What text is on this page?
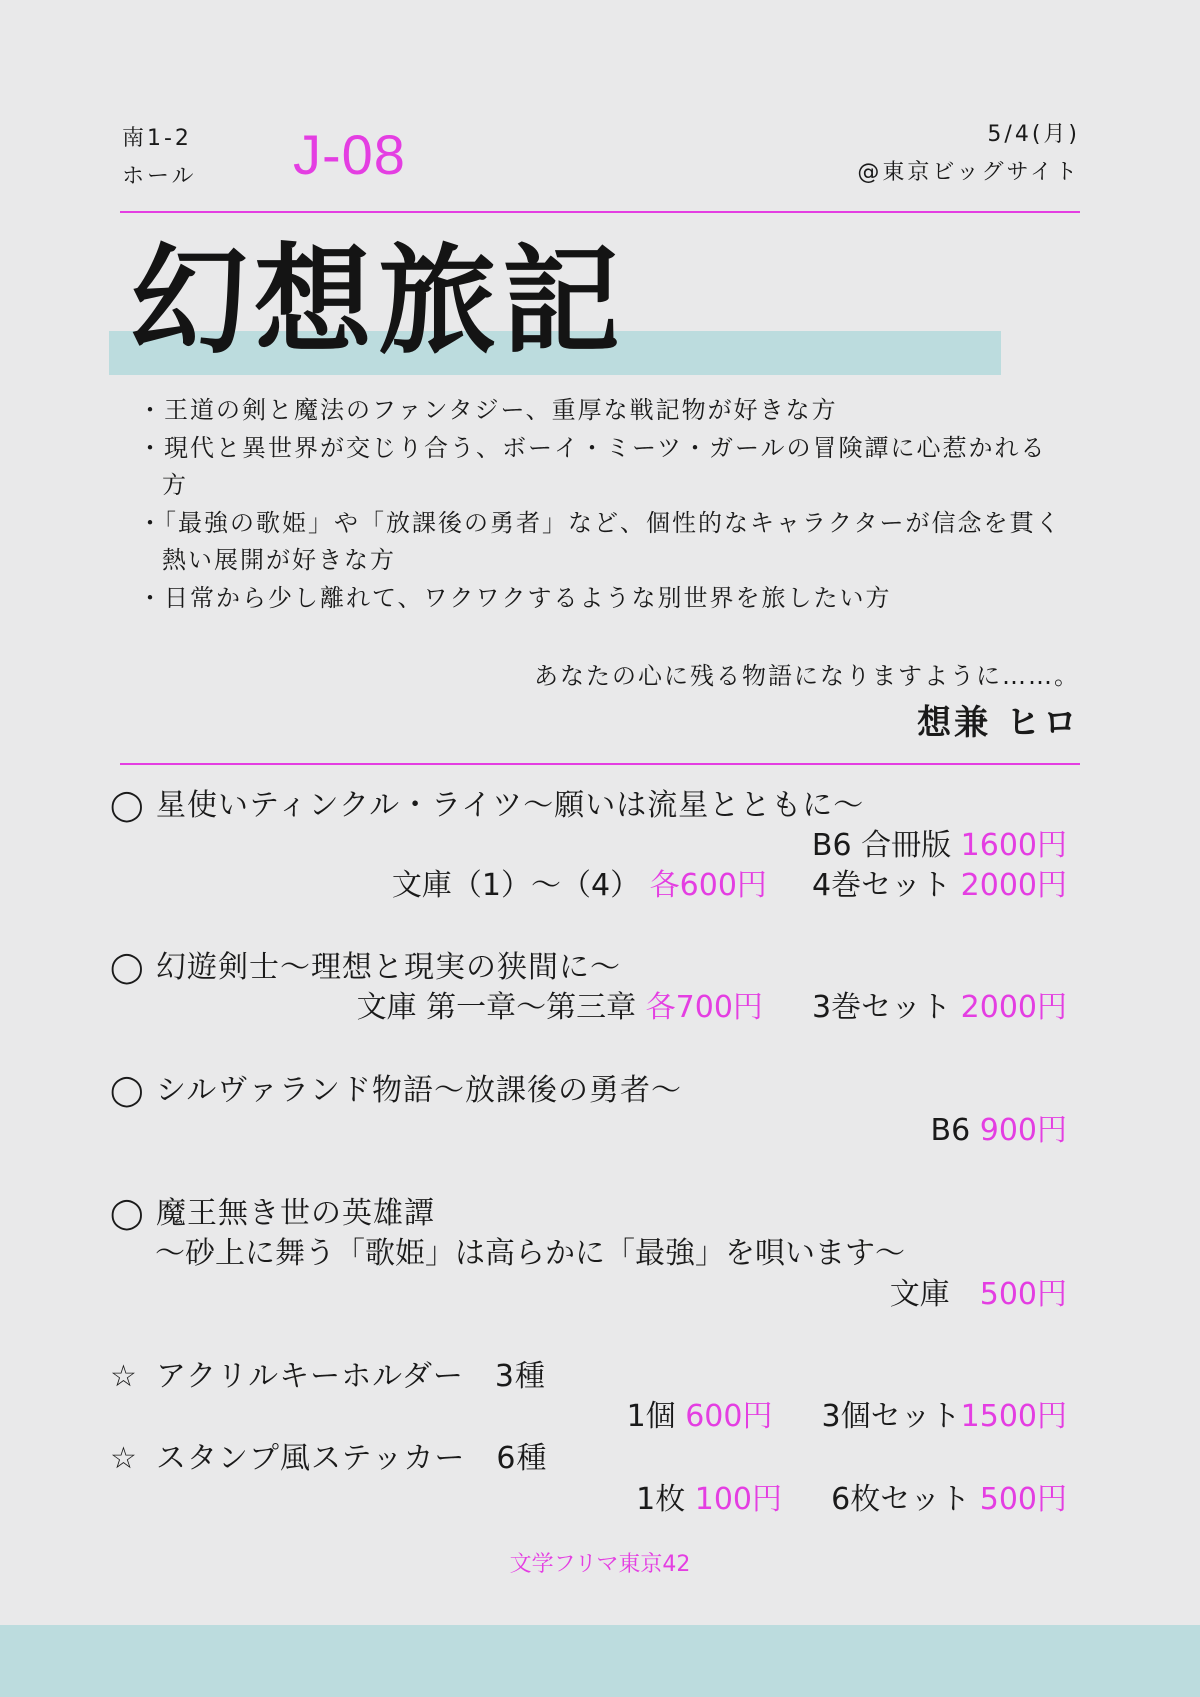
南1-2
ホール J-08	5/4(月)
@東京ビッグサイト
幻想旅記
・王道の剣と魔法のファンタジー、重厚な戦記物が好きな方
・現代と異世界が交じり合う、ボーイ・ミーツ・ガールの冒険譚に心惹かれる方
・「最強の歌姫」や「放課後の勇者」など、個性的なキャラクターが信念を貫く熱い展開が好きな方
・日常から少し離れて、ワクワクするような別世界を旅したい方
あなたの心に残る物語になりますように……。
想兼 ヒロ
◯ 星使いティンクル・ライツ〜願いは流星とともに〜
B6 合冊版 1600円
文庫（1）〜（4） 各600円 4巻セット 2000円
◯ 幻遊剣士〜理想と現実の狭間に〜
文庫 第一章〜第三章 各700円 3巻セット 2000円
◯ シルヴァランド物語〜放課後の勇者〜
B6 900円
◯ 魔王無き世の英雄譚
〜砂上に舞う「歌姫」は高らかに「最強」を唄います〜
文庫　500円
☆ アクリルキーホルダー　3種
1個 600円 3個セット1500円
☆ スタンプ風ステッカー　6種
1枚 100円 6枚セット 500円
文学フリマ東京42
